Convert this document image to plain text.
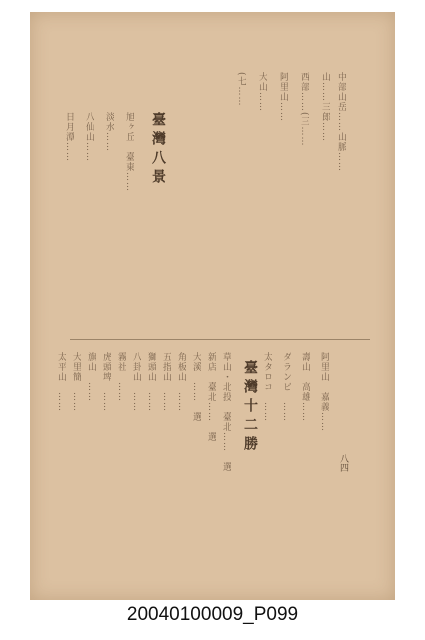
八四
中部山岳……山脈……
山……三郎……
西部……(三……
阿里山……
大山……
(七……
臺灣八景
旭ヶ丘　臺東……
淡水……
八仙山……
日月潭……
阿里山　嘉義……
壽山　高雄……
ダランビ　……
太タロコ　……
臺灣十二勝
草山・北投　臺北……　選
新店　臺北……　選
大溪　……　選
角板山　……
五指山　……
獅頭山　……
八卦山　……
霧社　……
虎頭埤　……
旗山　……
大里簡　……
太平山　……
20040100009_P099
